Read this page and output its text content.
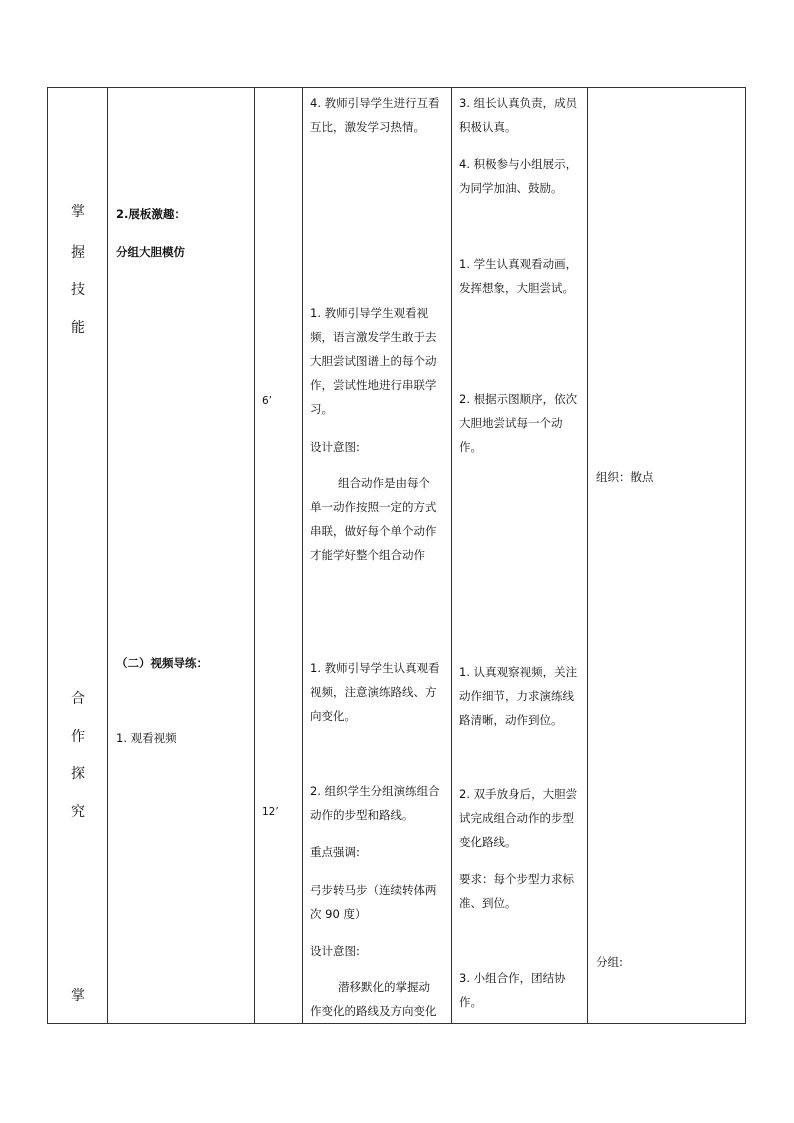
掌
握
技
能
合
作
探
究
掌
2.展板激趣：
分组大胆模仿
（二）视频导练：
1. 观看视频
6’
12’
4. 教师引导学生进行互看
互比，激发学习热情。
1. 教师引导学生观看视
频，语言激发学生敢于去
大胆尝试图谱上的每个动
作，尝试性地进行串联学
习。
设计意图:
组合动作是由每个
单一动作按照一定的方式
串联，做好每个单个动作
才能学好整个组合动作
1. 教师引导学生认真观看
视频，注意演练路线、方
向变化。
2. 组织学生分组演练组合
动作的步型和路线。
重点强调:
弓步转马步（连续转体两
次 90 度）
设计意图:
潜移默化的掌握动
作变化的路线及方向变化
3. 组长认真负责，成员
积极认真。
4. 积极参与小组展示，
为同学加油、鼓励。
1. 学生认真观看动画，
发挥想象，大胆尝试。
2. 根据示图顺序，依次
大胆地尝试每一个动
作。
1. 认真观察视频，关注
动作细节，力求演练线
路清晰，动作到位。
2. 双手放身后，大胆尝
试完成组合动作的步型
变化路线。
要求：每个步型力求标
准、到位。
3. 小组合作，团结协
作。
组织：散点
分组:
